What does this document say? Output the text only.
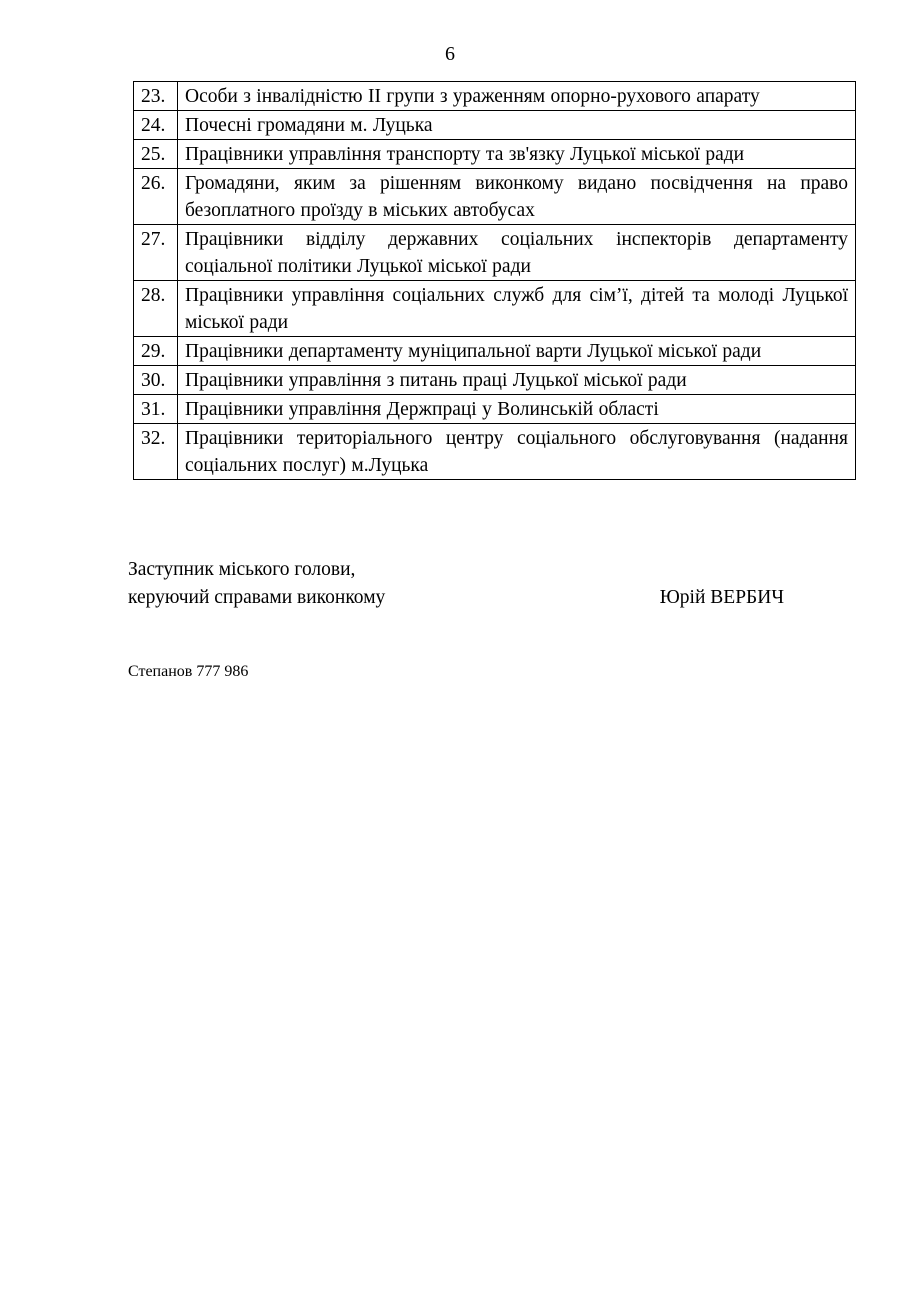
6
23.	Особи з інвалідністю ІІ групи з ураженням опорно-рухового апарату
24.	Почесні громадяни м. Луцька
25.	Працівники управління транспорту та зв'язку Луцької міської ради
26.	Громадяни, яким за рішенням виконкому видано посвідчення на право безоплатного проїзду в міських автобусах
27.	Працівники відділу державних соціальних інспекторів департаменту соціальної політики Луцької міської ради
28.	Працівники управління соціальних служб для сім’ї, дітей та молоді Луцької міської ради
29.	Працівники департаменту муніципальної варти Луцької міської ради
30.	Працівники управління з питань праці Луцької міської ради
31.	Працівники управління Держпраці у Волинській області
32.	Працівники територіального центру соціального обслуговування (надання соціальних послуг) м.Луцька
Заступник міського голови,
керуючий справами виконкому	Юрій ВЕРБИЧ
Степанов 777 986
